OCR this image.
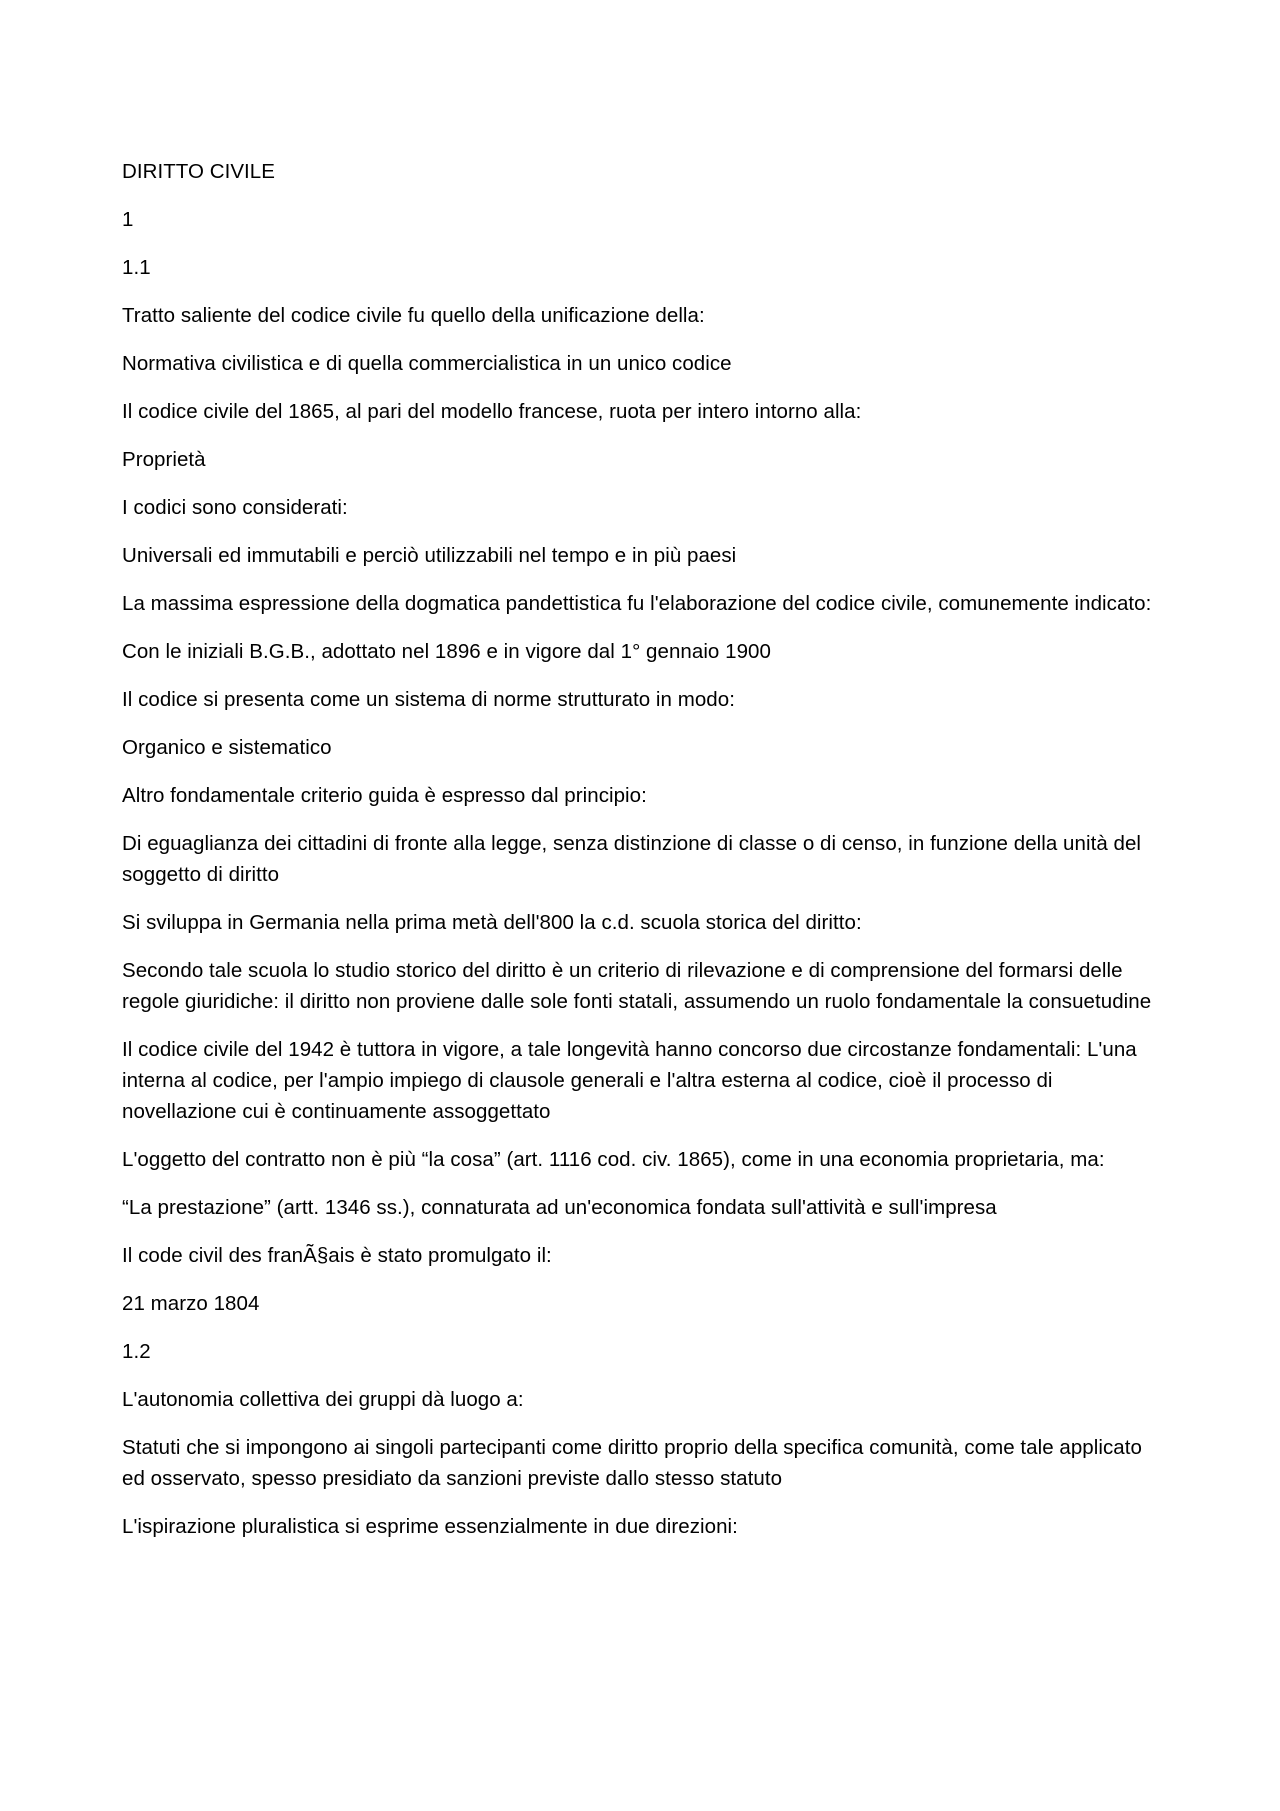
DIRITTO CIVILE

1

1.1

Tratto saliente del codice civile fu quello della unificazione della:

Normativa civilistica e di quella commercialistica in un unico codice

Il codice civile del 1865, al pari del modello francese, ruota per intero intorno alla:

Proprietà

I codici sono considerati:

Universali ed immutabili e perciò utilizzabili nel tempo e in più paesi

La massima espressione della dogmatica pandettistica fu l'elaborazione del codice civile, comunemente indicato:

Con le iniziali B.G.B., adottato nel 1896 e in vigore dal 1° gennaio 1900

Il codice si presenta come un sistema di norme strutturato in modo:

Organico e sistematico

Altro fondamentale criterio guida è espresso dal principio:

Di eguaglianza dei cittadini di fronte alla legge, senza distinzione di classe o di censo, in funzione della unità del soggetto di diritto

Si sviluppa in Germania nella prima metà dell'800 la c.d. scuola storica del diritto:

Secondo tale scuola lo studio storico del diritto è un criterio di rilevazione e di comprensione del formarsi delle regole giuridiche: il diritto non proviene dalle sole fonti statali, assumendo un ruolo fondamentale la consuetudine

Il codice civile del 1942 è tuttora in vigore, a tale longevità hanno concorso due circostanze fondamentali: L'una interna al codice, per l'ampio impiego di clausole generali e l'altra esterna al codice, cioè il processo di novellazione cui è continuamente assoggettato

L'oggetto del contratto non è più “la cosa” (art. 1116 cod. civ. 1865), come in una economia proprietaria, ma:

“La prestazione” (artt. 1346 ss.), connaturata ad un'economica fondata sull'attività e sull'impresa

Il code civil des franÃ§ais è stato promulgato il:

21 marzo 1804

1.2

L'autonomia collettiva dei gruppi dà luogo a:

Statuti che si impongono ai singoli partecipanti come diritto proprio della specifica comunità, come tale applicato ed osservato, spesso presidiato da sanzioni previste dallo stesso statuto

L'ispirazione pluralistica si esprime essenzialmente in due direzioni:
